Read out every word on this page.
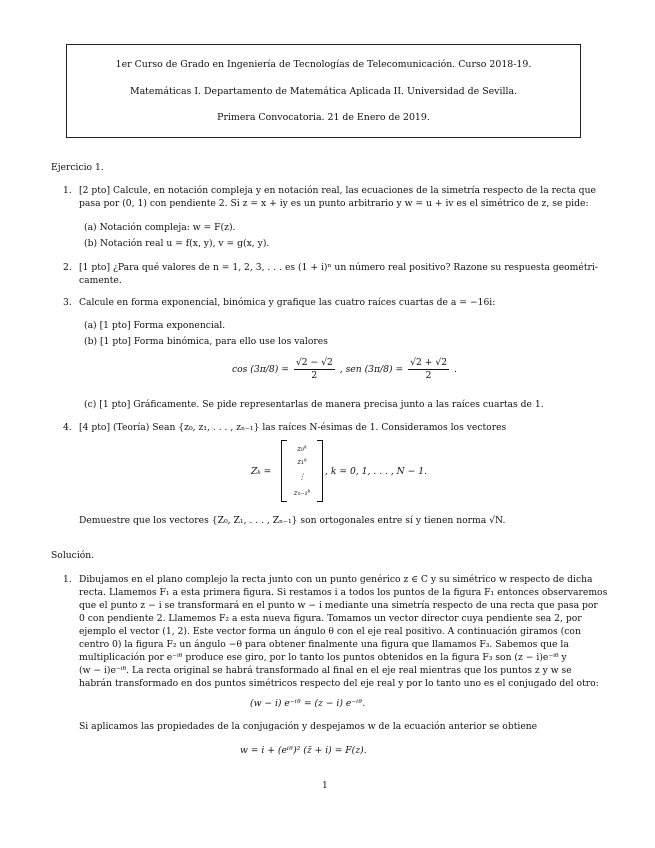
1er Curso de Grado en Ingeniería de Tecnologías de Telecomunicación. Curso 2018-19.
Matemáticas I. Departamento de Matemática Aplicada II. Universidad de Sevilla.
Primera Convocatoria. 21 de Enero de 2019.
Ejercicio 1.
1. [2 pto] Calcule, en notación compleja y en notación real, las ecuaciones de la simetría respecto de la recta que
pasa por (0, 1) con pendiente 2. Si z = x + iy es un punto arbitrario y w = u + iv es el simétrico de z, se pide:
(a) Notación compleja: w = F(z).
(b) Notación real u = f(x, y), v = g(x, y).
2. [1 pto] ¿Para qué valores de n = 1, 2, 3, . . . es (1 + i)ⁿ un número real positivo? Razone su respuesta geométri-
camente.
3. Calcule en forma exponencial, binómica y grafique las cuatro raíces cuartas de a = −16i:
(a) [1 pto] Forma exponencial.
(b) [1 pto] Forma binómica, para ello use los valores
$\cos (3\pi/8) = \frac{√2 - √2}{2}$ , sen $(3\pi/8) = \frac{√2 + √2}{2}$ .
(c) [1 pto] Gráficamente. Se pide representarlas de manera precisa junto a las raíces cuartas de 1.
4. [4 pto] (Teoría) Sean {z₀, z₁, . . . , zₙ₋₁} las raíces N-ésimas de 1. Consideramos los vectores
Zₖ =
z₀ᵏ
z₁ᵏ
⋮
zₙ₋₁ᵏ
, k = 0, 1, . . . , N − 1.
Demuestre que los vectores {Z₀, Z₁, . . . , Zₙ₋₁} son ortogonales entre sí y tienen norma √N.
Solución.
1. Dibujamos en el plano complejo la recta junto con un punto genérico z ∈ C y su simétrico w respecto de dicha
recta. Llamemos F₁ a esta primera figura. Si restamos i a todos los puntos de la figura F₁ entonces observaremos
que el punto z − i se transformará en el punto w − i mediante una simetría respecto de una recta que pasa por
0 con pendiente 2. Llamemos F₂ a esta nueva figura. Tomamos un vector director cuya pendiente sea 2, por
ejemplo el vector (1, 2). Este vector forma un ángulo θ con el eje real positivo. A continuación giramos (con
centro 0) la figura F₂ un ángulo −θ para obtener finalmente una figura que llamamos F₃. Sabemos que la
multiplicación por e⁻ⁱᶿ produce ese giro, por lo tanto los puntos obtenidos en la figura F₃ son (z − i)e⁻ⁱᶿ y
(w − i)e⁻ⁱᶿ. La recta original se habrá transformado al final en el eje real mientras que los puntos z y w se
habrán transformado en dos puntos simétricos respecto del eje real y por lo tanto uno es el conjugado del otro:
(w − i) e⁻ⁱᶿ = (z − i) e⁻ⁱᶿ.
Si aplicamos las propiedades de la conjugación y despejamos w de la ecuación anterior se obtiene
w = i + (eⁱᶿ)² (z̄ + i) = F(z).
1
